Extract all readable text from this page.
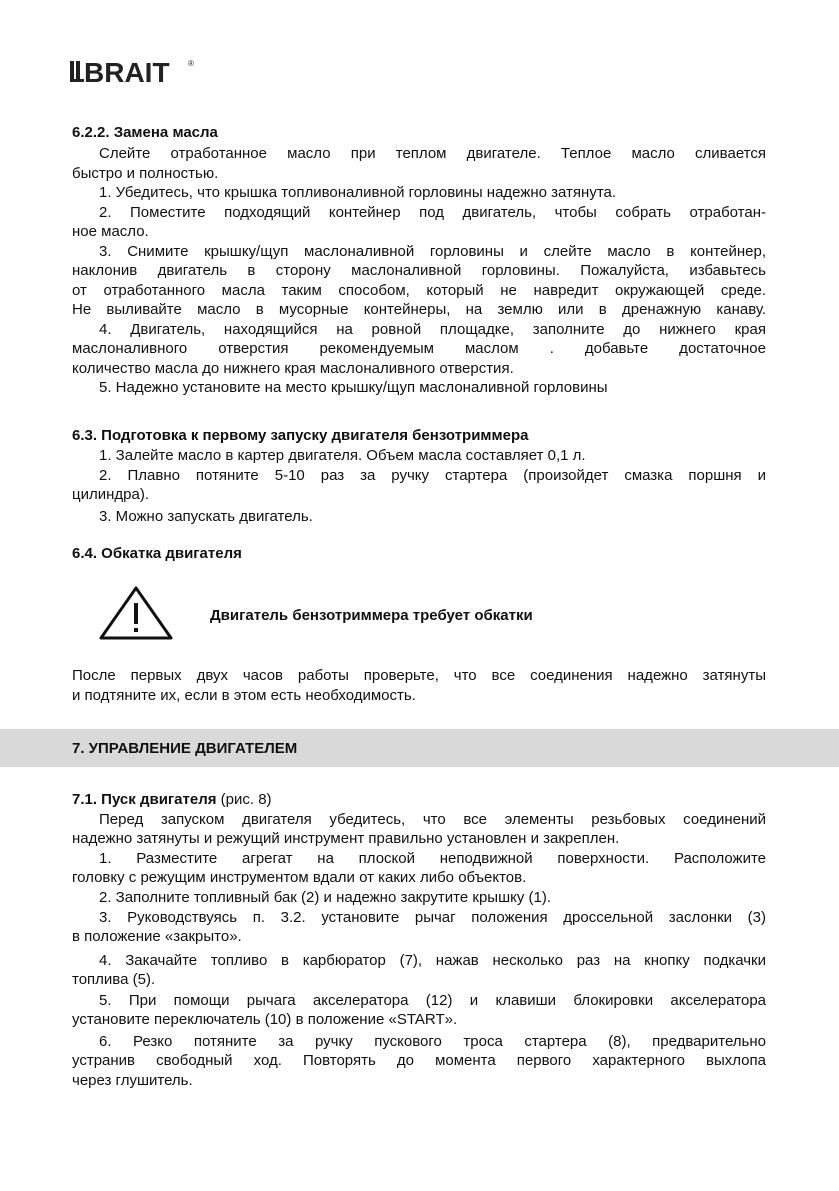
BRAIT ®
6.2.2. Замена масла
Слейте отработанное масло при теплом двигателе. Теплое масло сливается
быстро и полностью.
1. Убедитесь, что крышка топливоналивной горловины надежно затянута.
2. Поместите подходящий контейнер под двигатель, чтобы собрать отработан-
ное масло.
3. Снимите крышку/щуп маслоналивной горловины и слейте масло в контейнер,
наклонив двигатель в сторону маслоналивной горловины. Пожалуйста, избавьтесь
от отработанного масла таким способом, который не навредит окружающей среде.
Не выливайте масло в мусорные контейнеры, на землю или в дренажную канаву.
4. Двигатель, находящийся на ровной площадке, заполните до нижнего края
маслоналивного отверстия рекомендуемым маслом . добавьте достаточное
количество масла до нижнего края маслоналивного отверстия.
5. Надежно установите на место крышку/щуп маслоналивной горловины
6.3. Подготовка к первому запуску двигателя бензотриммера
1. Залейте масло в картер двигателя. Объем масла составляет 0,1 л.
2. Плавно потяните 5-10 раз за ручку стартера (произойдет смазка поршня и
цилиндра).
3. Можно запускать двигатель.
6.4. Обкатка двигателя
После первых двух часов работы проверьте, что все соединения надежно затянуты
и подтяните их, если в этом есть необходимость.
7.1. Пуск двигателя (рис. 8)
Перед запуском двигателя убедитесь, что все элементы резьбовых соединений
надежно затянуты и режущий инструмент правильно установлен и закреплен.
1. Разместите агрегат на плоской неподвижной поверхности. Расположите
головку с режущим инструментом вдали от каких либо объектов.
2. Заполните топливный бак (2) и надежно закрутите крышку (1).
3. Руководствуясь п. 3.2. установите рычаг положения дроссельной заслонки (3)
в положение «закрыто».
4. Закачайте топливо в карбюратор (7), нажав несколько раз на кнопку подкачки
топлива (5).
5. При помощи рычага акселератора (12) и клавиши блокировки акселератора
установите переключатель (10) в положение «START».
6. Резко потяните за ручку пускового троса стартера (8), предварительно
устранив свободный ход. Повторять до момента первого характерного выхлопа
через глушитель.
Двигатель бензотриммера требует обкатки
7. УПРАВЛЕНИЕ ДВИГАТЕЛЕМ
